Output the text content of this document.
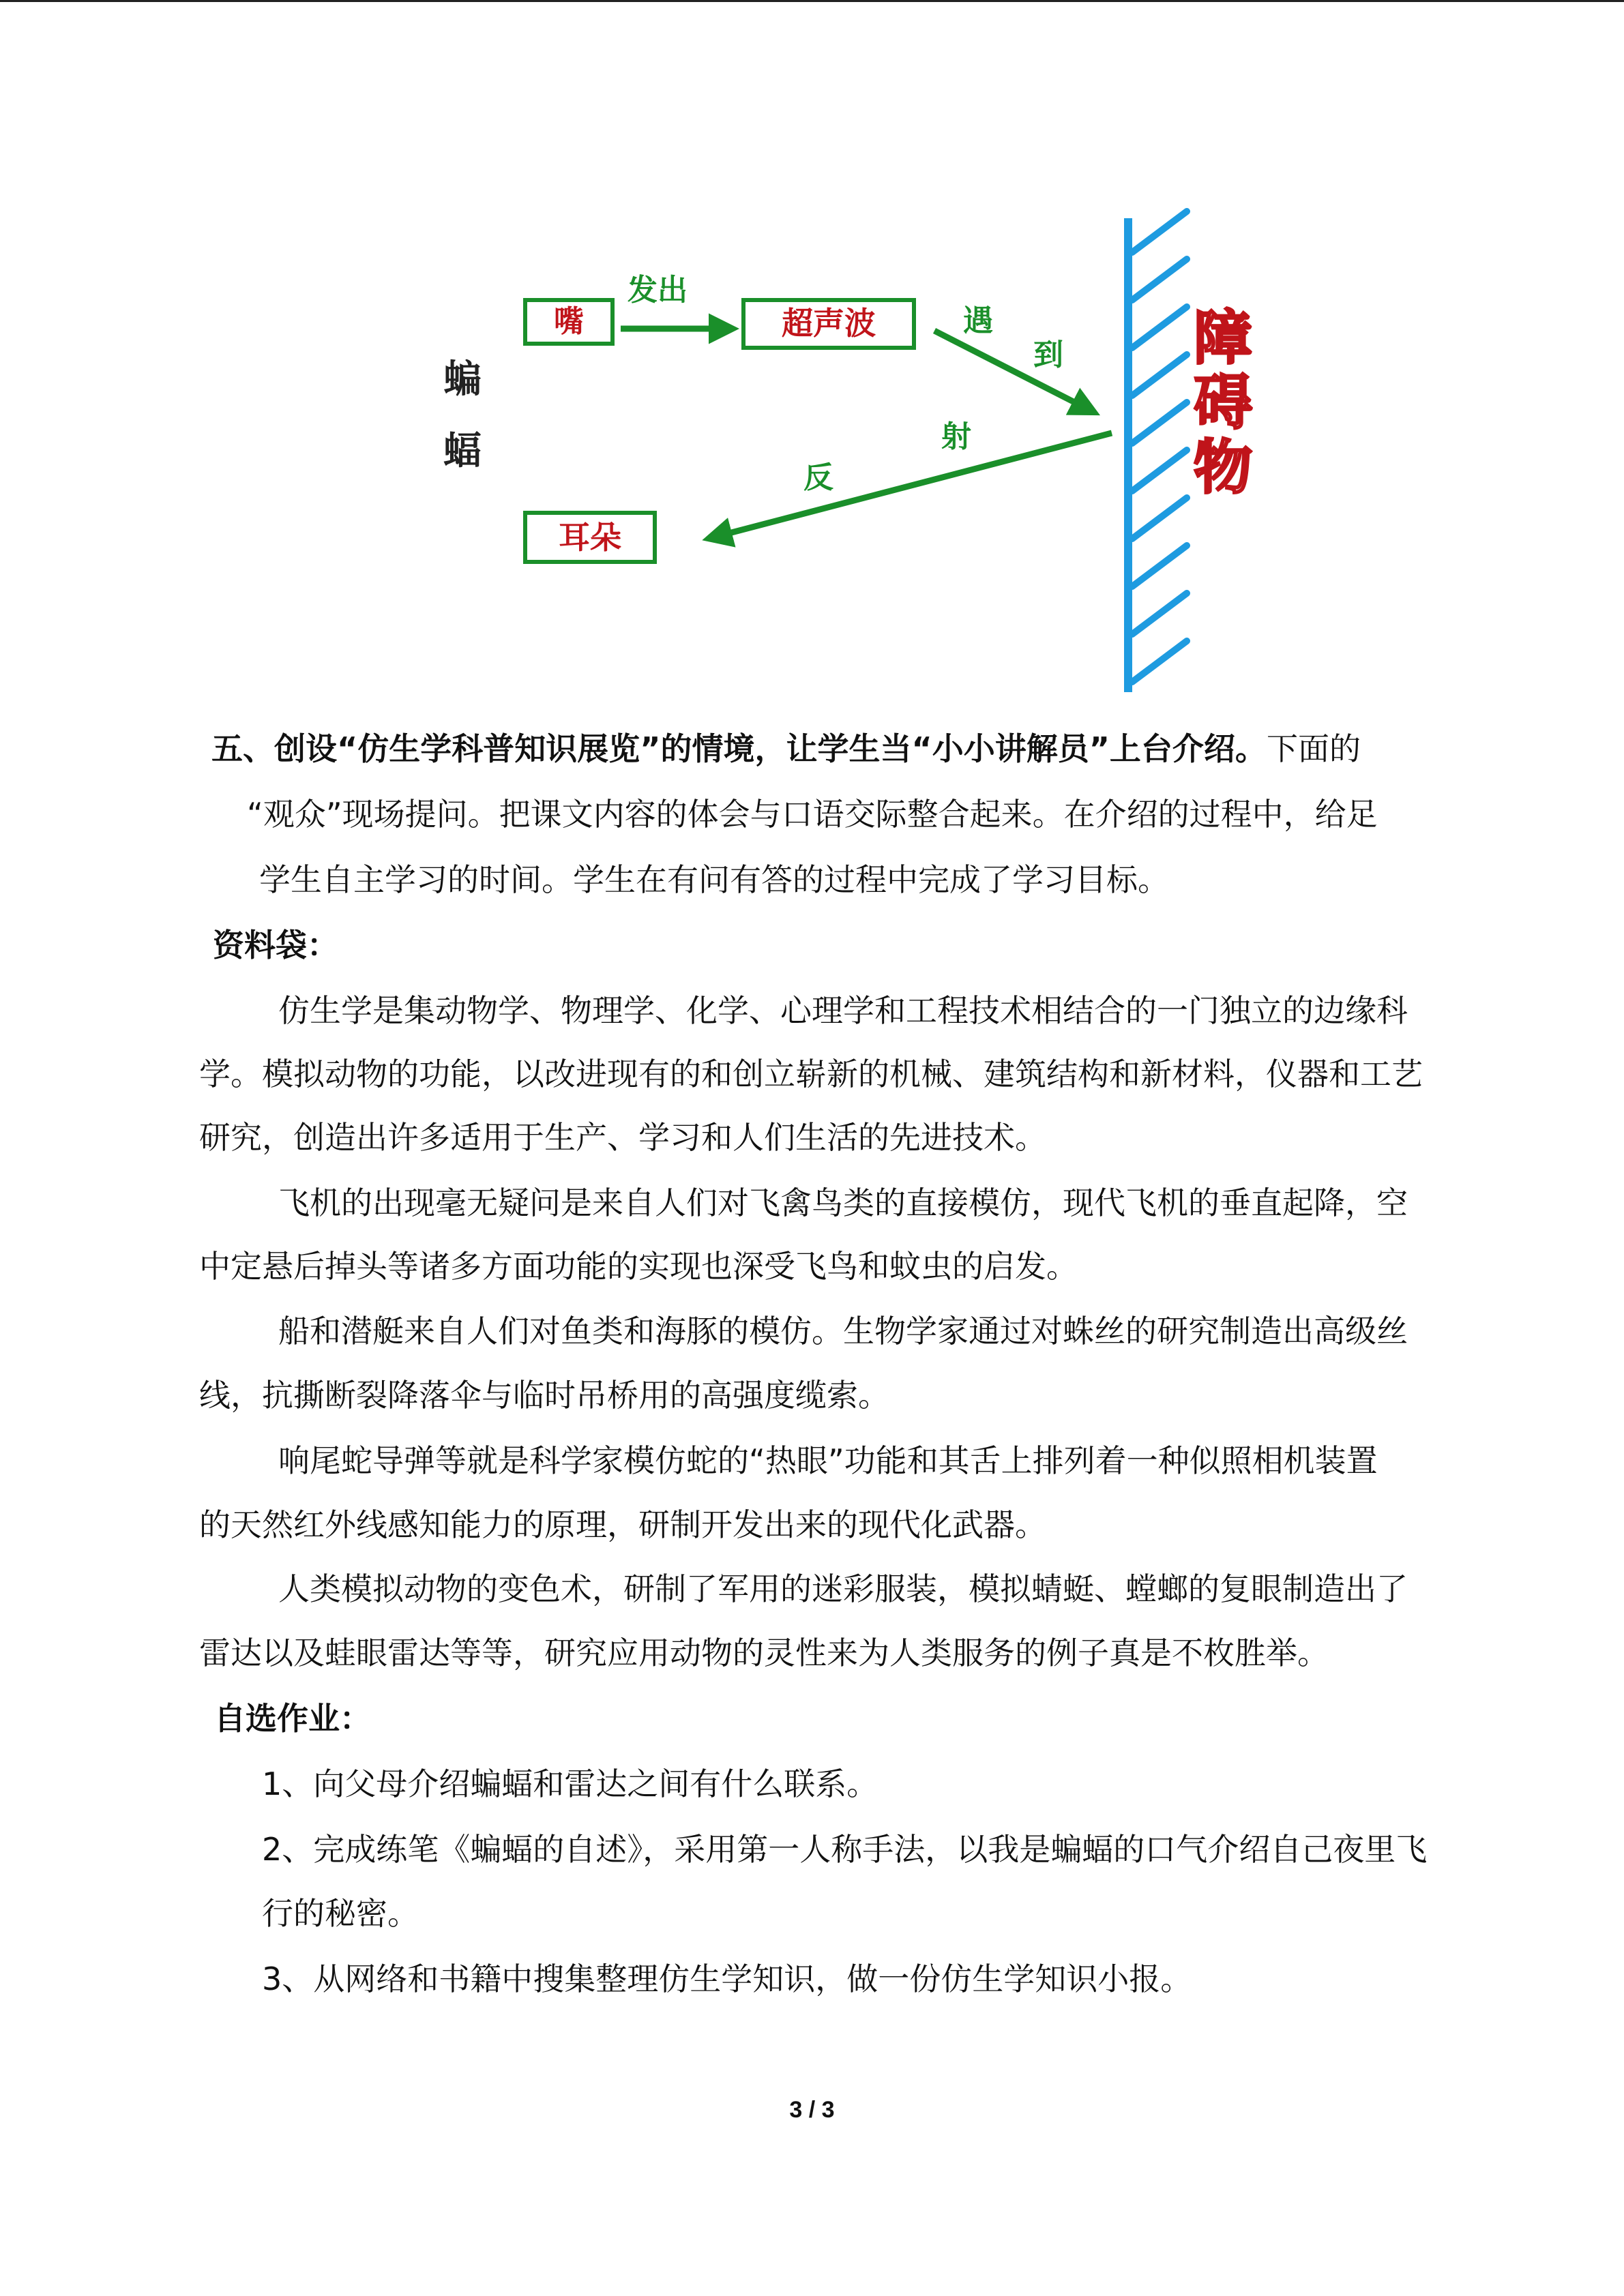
蝙
蝠
嘴
发出
超声波	遇
到
反
射
耳朵
障
碍
物
五、创设“仿生学科普知识展览”的情境，让学生当“小小讲解员”上台介绍。下面的
“观众”现场提问。把课文内容的体会与口语交际整合起来。在介绍的过程中，给足
学生自主学习的时间。学生在有问有答的过程中完成了学习目标。
资料袋：
仿生学是集动物学、物理学、化学、心理学和工程技术相结合的一门独立的边缘科
学。模拟动物的功能，以改进现有的和创立崭新的机械、建筑结构和新材料，仪器和工艺
研究，创造出许多适用于生产、学习和人们生活的先进技术。
飞机的出现毫无疑问是来自人们对飞禽鸟类的直接模仿，现代飞机的垂直起降，空
中定悬后掉头等诸多方面功能的实现也深受飞鸟和蚊虫的启发。
船和潜艇来自人们对鱼类和海豚的模仿。生物学家通过对蛛丝的研究制造出高级丝
线，抗撕断裂降落伞与临时吊桥用的高强度缆索。
响尾蛇导弹等就是科学家模仿蛇的“热眼”功能和其舌上排列着一种似照相机装置
的天然红外线感知能力的原理，研制开发出来的现代化武器。
人类模拟动物的变色术，研制了军用的迷彩服装，模拟蜻蜓、螳螂的复眼制造出了
雷达以及蛙眼雷达等等，研究应用动物的灵性来为人类服务的例子真是不枚胜举。
自选作业：
1、向父母介绍蝙蝠和雷达之间有什么联系。
2、完成练笔《蝙蝠的自述》，采用第一人称手法，以我是蝙蝠的口气介绍自己夜里飞
行的秘密。
3、从网络和书籍中搜集整理仿生学知识，做一份仿生学知识小报。
3 / 3
